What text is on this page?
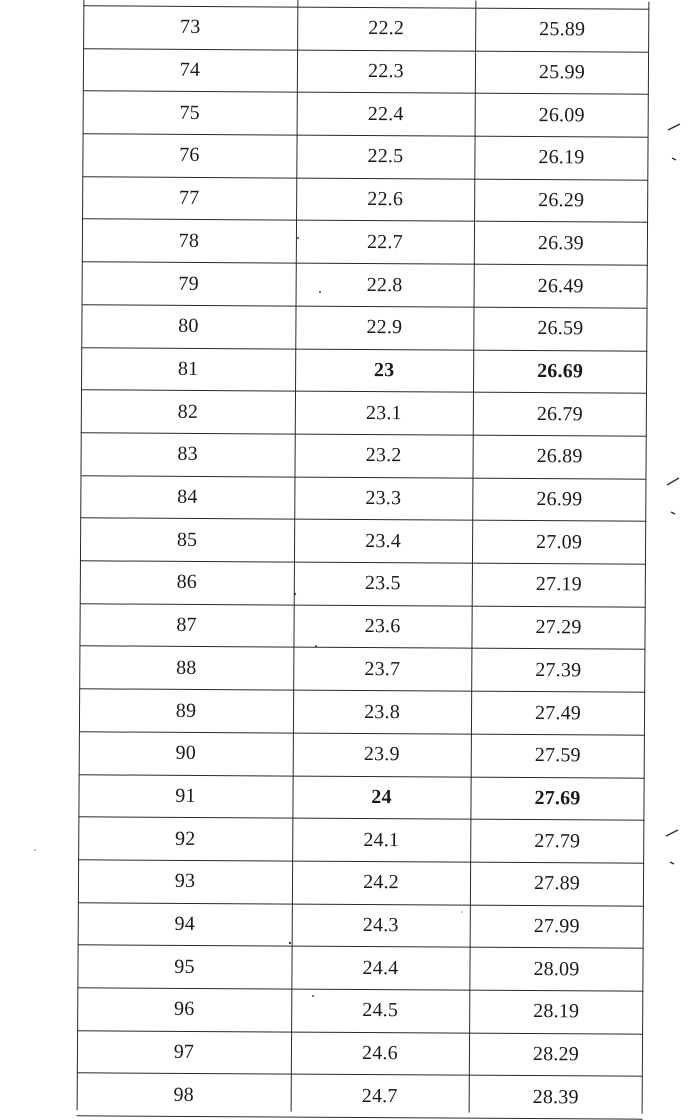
73	22.2	25.89
74	22.3	25.99
75	22.4	26.09
76	22.5	26.19
77	22.6	26.29
78	22.7	26.39
79	22.8	26.49
80	22.9	26.59
81	23	26.69
82	23.1	26.79
83	23.2	26.89
84	23.3	26.99
85	23.4	27.09
86	23.5	27.19
87	23.6	27.29
88	23.7	27.39
89	23.8	27.49
90	23.9	27.59
91	24	27.69
92	24.1	27.79
93	24.2	27.89
94	24.3	27.99
95	24.4	28.09
96	24.5	28.19
97	24.6	28.29
98	24.7	28.39
